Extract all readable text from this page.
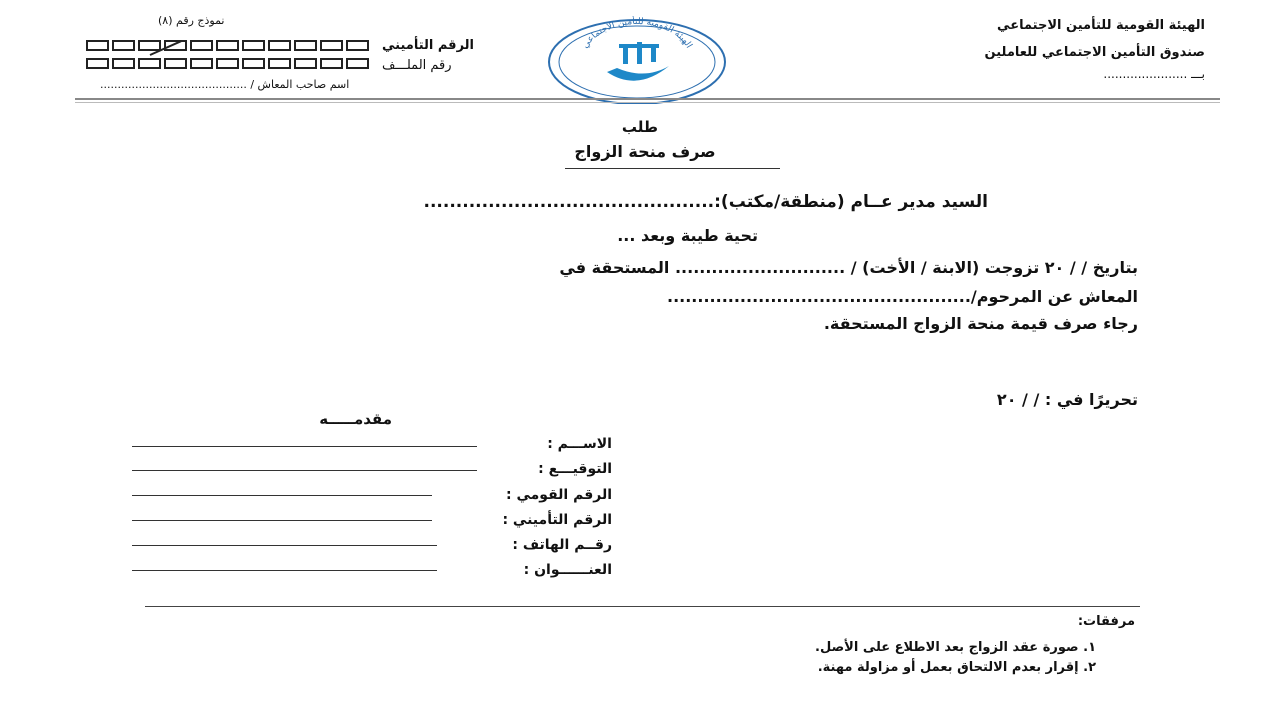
الهيئة القومية للتأمين الاجتماعي
صندوق التأمين الاجتماعي للعاملين
بـــ ......................
نموذج رقم (٨)
الرقم التأميني
رقم الملـــف
اسم صاحب المعاش / ..........................................
الهيئة القومية للتأمين الاجتماعي
طلب
صرف منحة الزواج
السيد مدير عــام (منطقة/مكتب):.............................................
تحية طيبة وبعد ...
بتاريخ / / ٢٠ تزوجت (الابنة / الأخت) / ............................ المستحقة في
المعاش عن المرحوم/..................................................
رجاء صرف قيمة منحة الزواج المستحقة.
تحريرًا في : / / ٢٠
مقدمـــــه
الاســـم :
التوقيـــع :
الرقم القومي :
الرقم التأميني :
رقــم الهاتف :
العنــــــوان :
مرفقات:
١. صورة عقد الزواج بعد الاطلاع على الأصل.
٢. إقرار بعدم الالتحاق بعمل أو مزاولة مهنة.
